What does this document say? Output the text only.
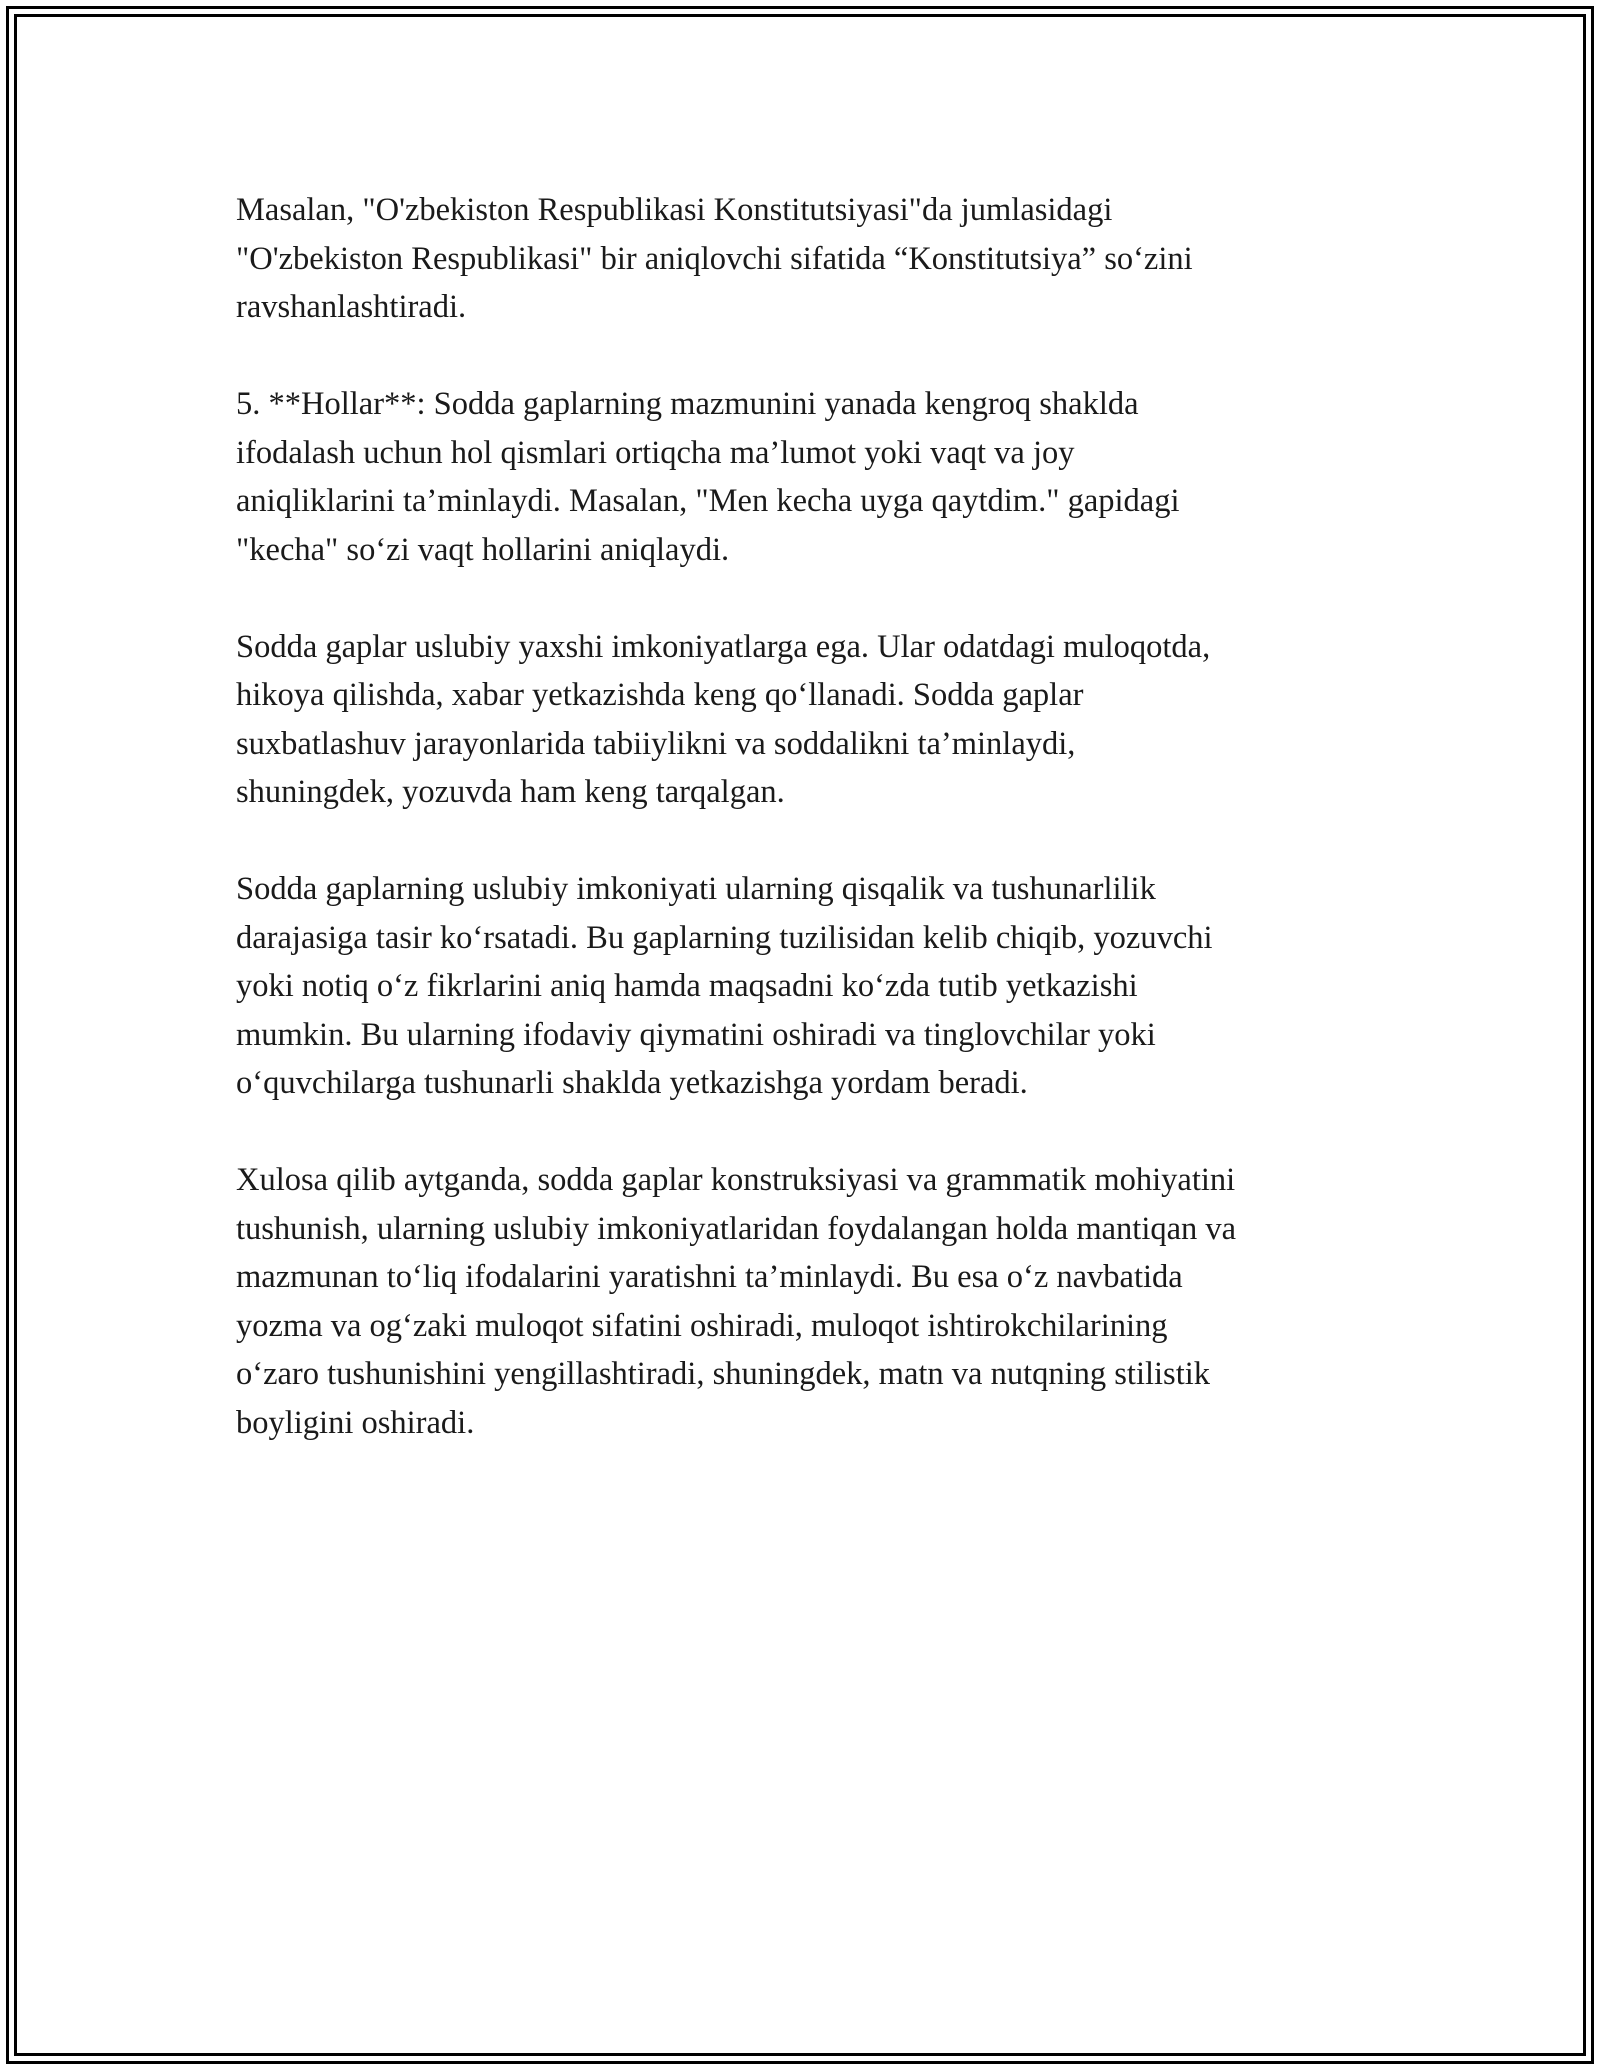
Masalan, "O'zbekiston Respublikasi Konstitutsiyasi"da jumlasidagi
"O'zbekiston Respublikasi" bir aniqlovchi sifatida “Konstitutsiya” so‘zini
ravshanlashtiradi.

5. **Hollar**: Sodda gaplarning mazmunini yanada kengroq shaklda
ifodalash uchun hol qismlari ortiqcha ma’lumot yoki vaqt va joy
aniqliklarini ta’minlaydi. Masalan, "Men kecha uyga qaytdim." gapidagi
"kecha" so‘zi vaqt hollarini aniqlaydi.

Sodda gaplar uslubiy yaxshi imkoniyatlarga ega. Ular odatdagi muloqotda,
hikoya qilishda, xabar yetkazishda keng qo‘llanadi. Sodda gaplar
suxbatlashuv jarayonlarida tabiiylikni va soddalikni ta’minlaydi,
shuningdek, yozuvda ham keng tarqalgan.

Sodda gaplarning uslubiy imkoniyati ularning qisqalik va tushunarlilik
darajasiga tasir ko‘rsatadi. Bu gaplarning tuzilisidan kelib chiqib, yozuvchi
yoki notiq o‘z fikrlarini aniq hamda maqsadni ko‘zda tutib yetkazishi
mumkin. Bu ularning ifodaviy qiymatini oshiradi va tinglovchilar yoki
o‘quvchilarga tushunarli shaklda yetkazishga yordam beradi.

Xulosa qilib aytganda, sodda gaplar konstruksiyasi va grammatik mohiyatini
tushunish, ularning uslubiy imkoniyatlaridan foydalangan holda mantiqan va
mazmunan to‘liq ifodalarini yaratishni ta’minlaydi. Bu esa o‘z navbatida
yozma va og‘zaki muloqot sifatini oshiradi, muloqot ishtirokchilarining
o‘zaro tushunishini yengillashtiradi, shuningdek, matn va nutqning stilistik
boyligini oshiradi.
